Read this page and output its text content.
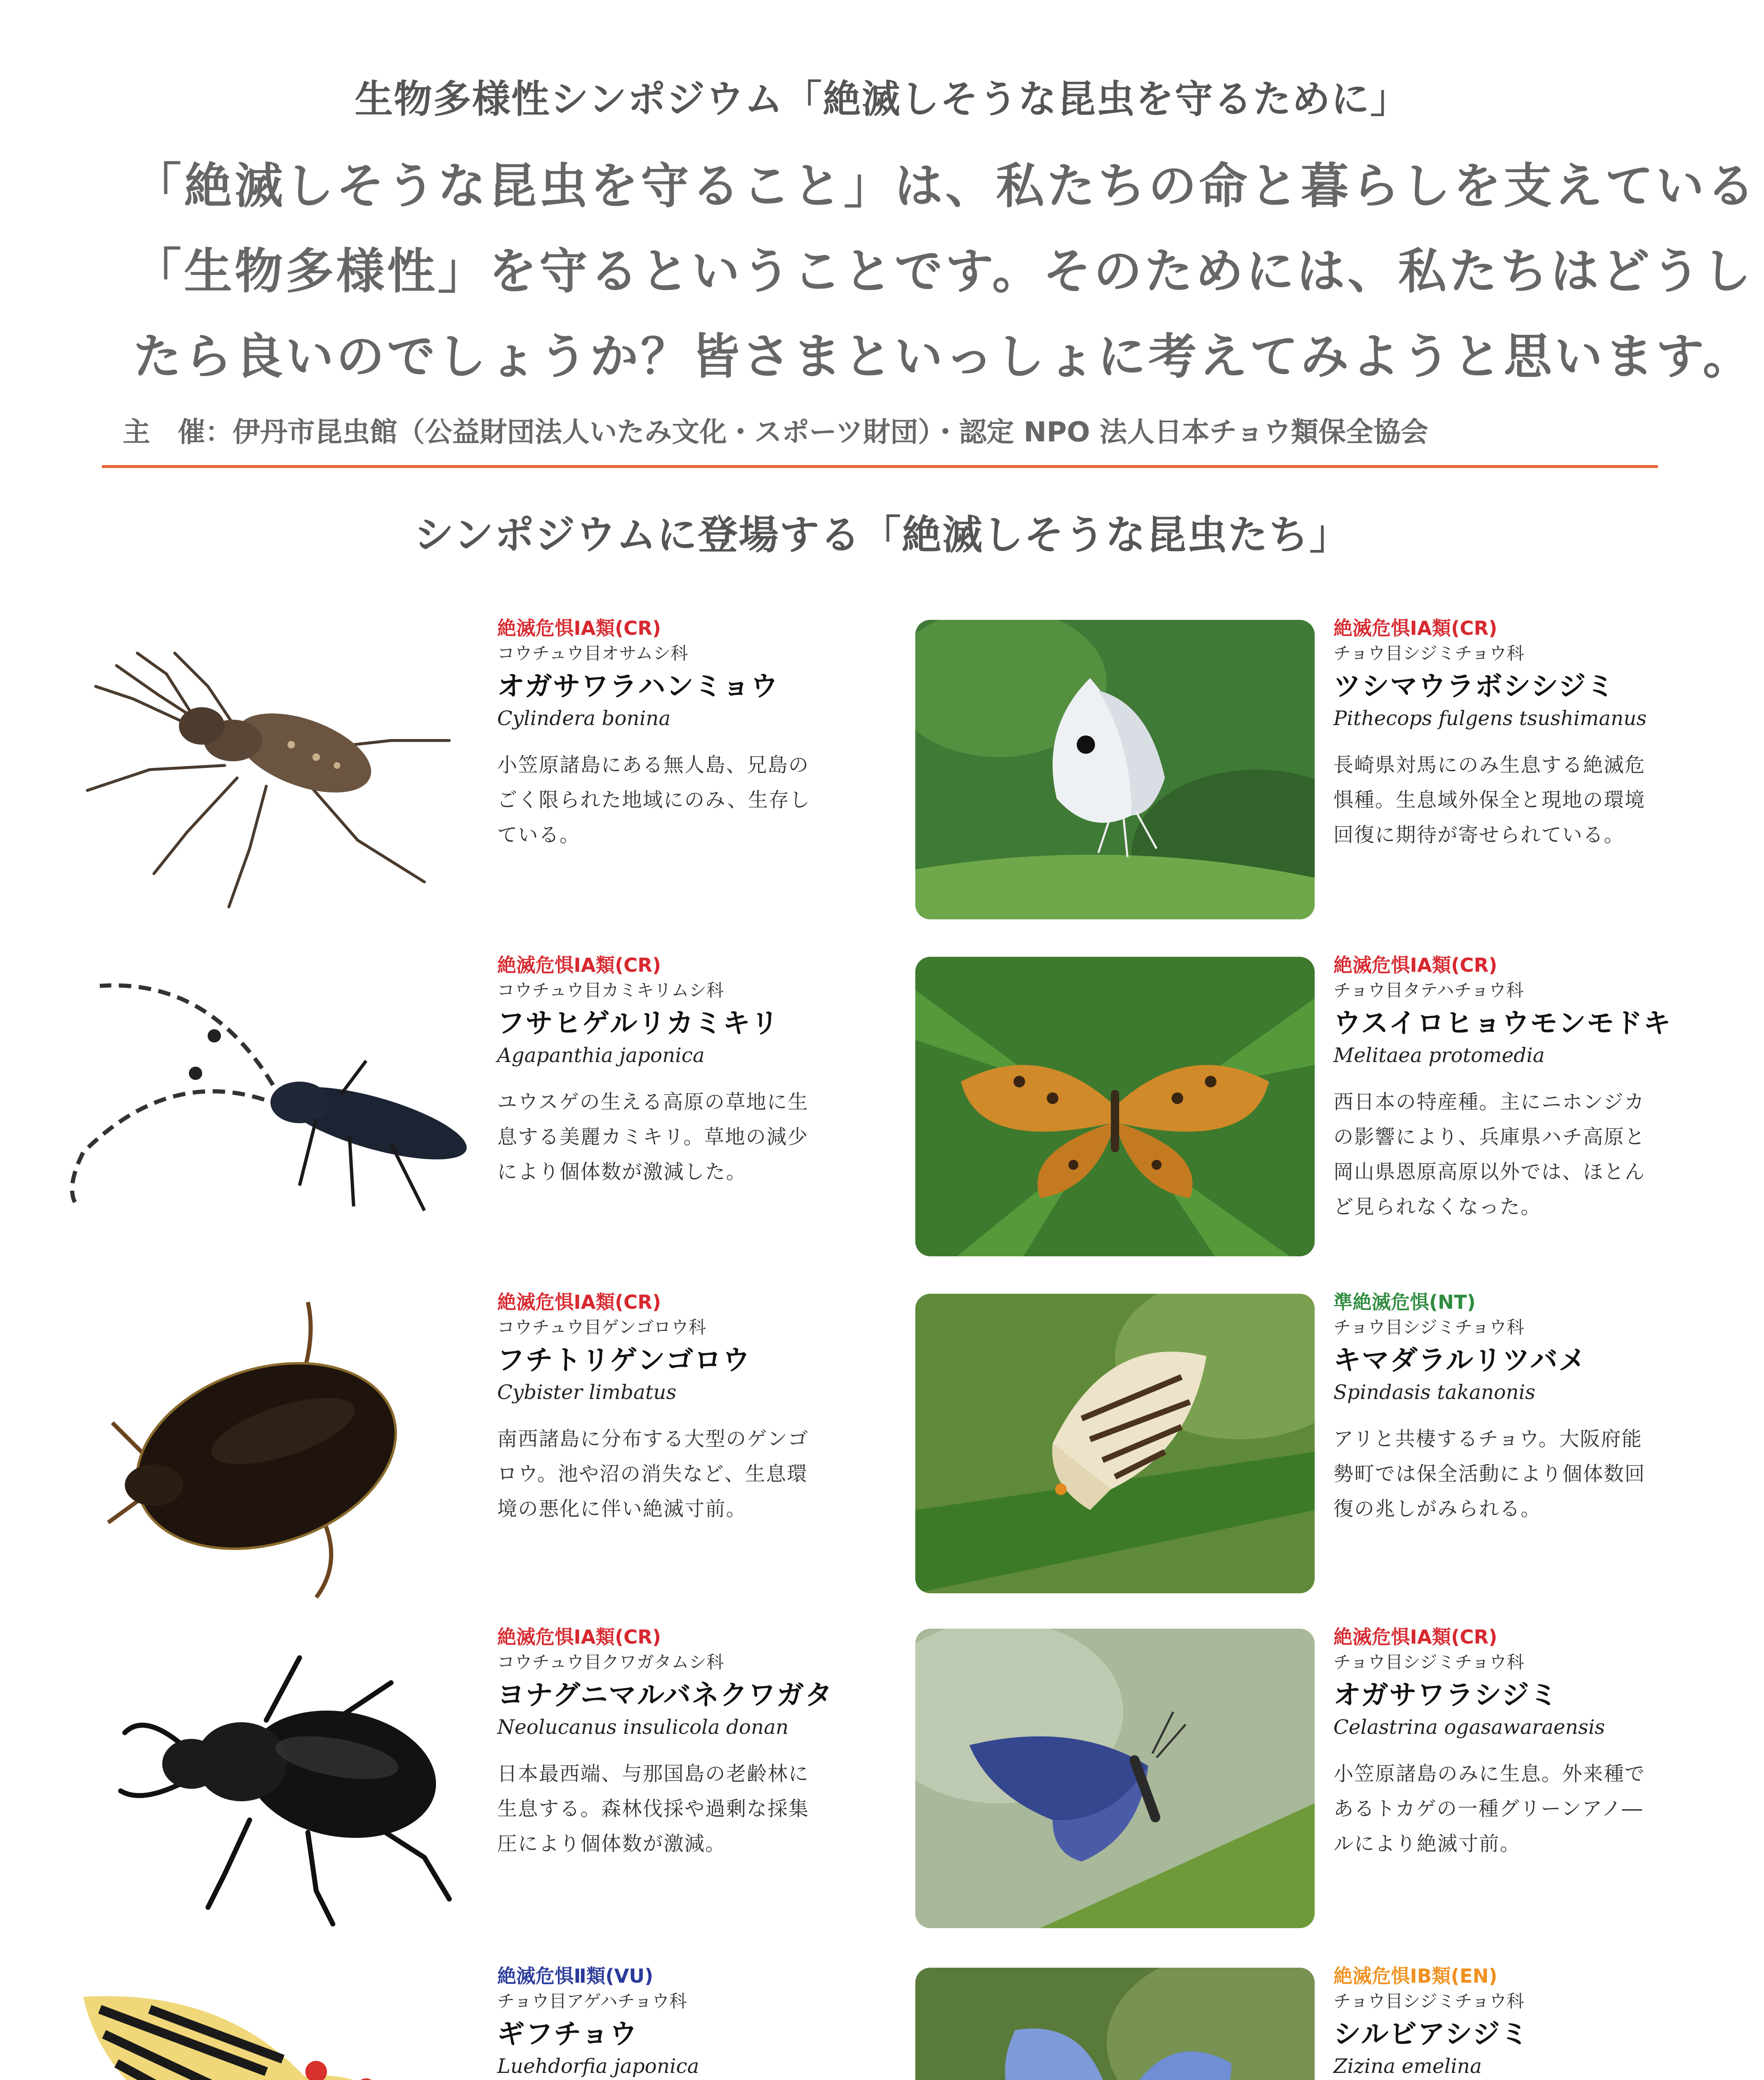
生物多様性シンポジウム「絶滅しそうな昆虫を守るために」
「絶滅しそうな昆虫を守ること」は、私たちの命と暮らしを支えている
「生物多様性」を守るということです。そのためには、私たちはどうし
たら良いのでしょうか？皆さまといっしょに考えてみようと思います。
主　催：伊丹市昆虫館（公益財団法人いたみ文化・スポーツ財団）・認定 NPO 法人日本チョウ類保全協会
シンポジウムに登場する「絶滅しそうな昆虫たち」
絶滅危惧ⅠA類(CR)
コウチュウ目オサムシ科
オガサワラハンミョウ
Cylindera bonina
小笠原諸島にある無人島、兄島の
ごく限られた地域にのみ、生存し
ている。
絶滅危惧ⅠA類(CR)
チョウ目シジミチョウ科
ツシマウラボシシジミ
Pithecops fulgens tsushimanus
長崎県対馬にのみ生息する絶滅危
惧種。生息域外保全と現地の環境
回復に期待が寄せられている。
絶滅危惧ⅠA類(CR)
コウチュウ目カミキリムシ科
フサヒゲルリカミキリ
Agapanthia japonica
ユウスゲの生える高原の草地に生
息する美麗カミキリ。草地の減少
により個体数が激減した。
絶滅危惧ⅠA類(CR)
チョウ目タテハチョウ科
ウスイロヒョウモンモドキ
Melitaea protomedia
西日本の特産種。主にニホンジカ
の影響により、兵庫県ハチ高原と
岡山県恩原高原以外では、ほとん
ど見られなくなった。
絶滅危惧ⅠA類(CR)
コウチュウ目ゲンゴロウ科
フチトリゲンゴロウ
Cybister limbatus
南西諸島に分布する大型のゲンゴ
ロウ。池や沼の消失など、生息環
境の悪化に伴い絶滅寸前。
準絶滅危惧(NT)
チョウ目シジミチョウ科
キマダラルリツバメ
Spindasis takanonis
アリと共棲するチョウ。大阪府能
勢町では保全活動により個体数回
復の兆しがみられる。
絶滅危惧ⅠA類(CR)
コウチュウ目クワガタムシ科
ヨナグニマルバネクワガタ
Neolucanus insulicola donan
日本最西端、与那国島の老齢林に
生息する。森林伐採や過剰な採集
圧により個体数が激減。
絶滅危惧ⅠA類(CR)
チョウ目シジミチョウ科
オガサワラシジミ
Celastrina ogasawaraensis
小笠原諸島のみに生息。外来種で
あるトカゲの一種グリーンアノ―
ルにより絶滅寸前。
絶滅危惧Ⅱ類(VU)
チョウ目アゲハチョウ科
ギフチョウ
Luehdorfia japonica
絶滅危惧ⅠB類(EN)
チョウ目シジミチョウ科
シルビアシジミ
Zizina emelina
